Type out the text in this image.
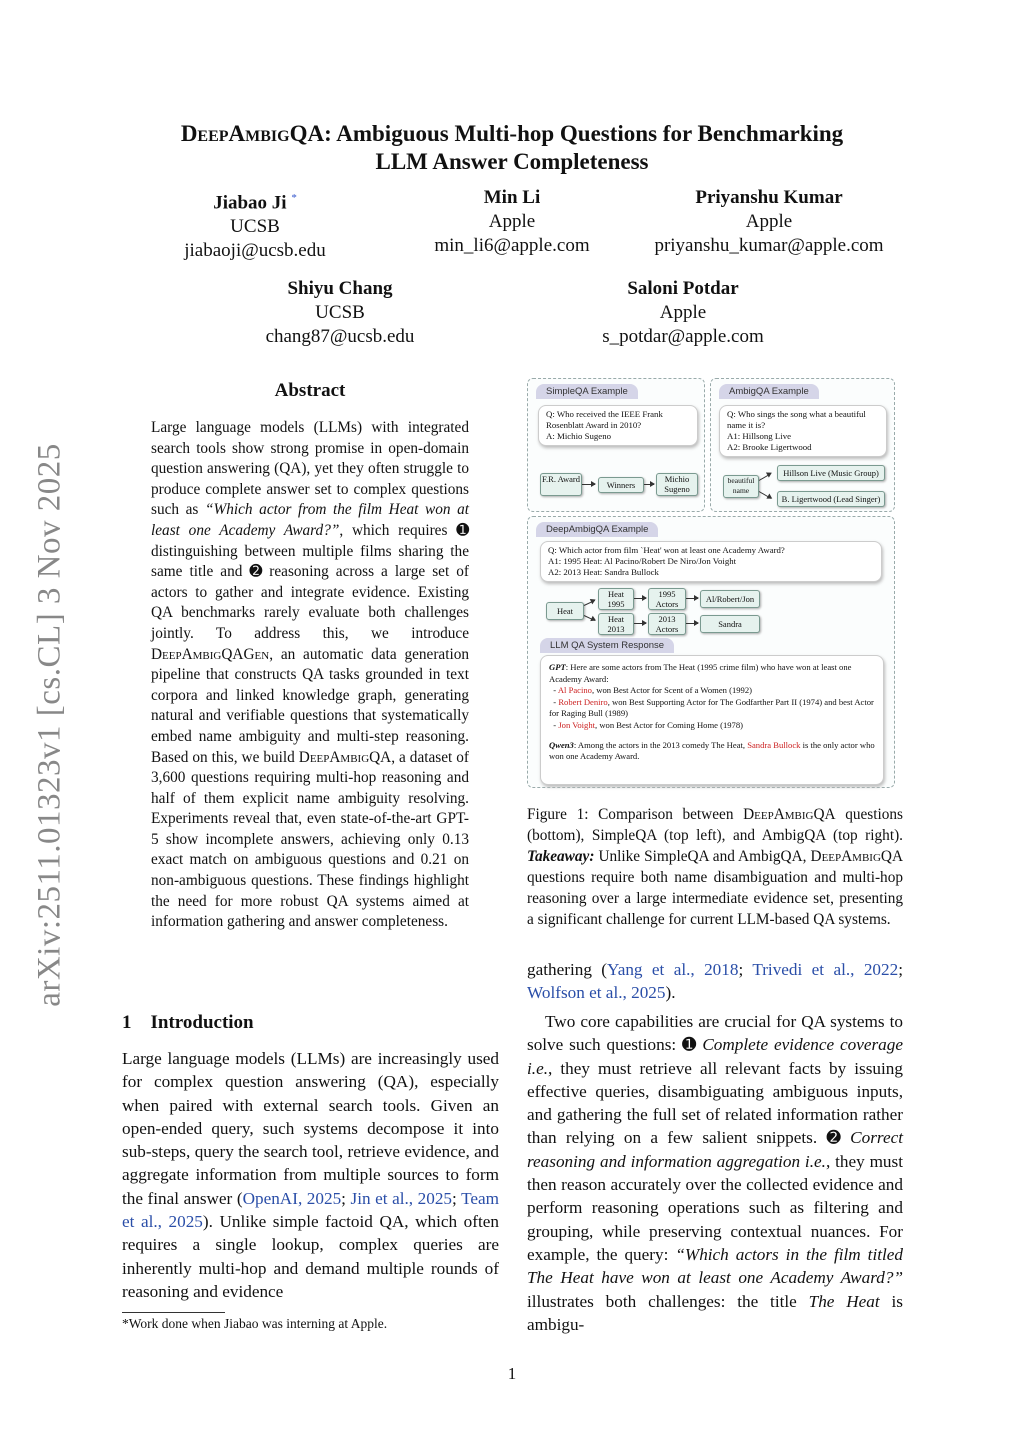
arXiv:2511.01323v1 [cs.CL] 3 Nov 2025
DeepAmbigQA: Ambiguous Multi-hop Questions for Benchmarking
LLM Answer Completeness
Jiabao Ji *
UCSB
jiabaoji@ucsb.edu
Min Li
Apple
min_li6@apple.com
Priyanshu Kumar
Apple
priyanshu_kumar@apple.com
Shiyu Chang
UCSB
chang87@ucsb.edu
Saloni Potdar
Apple
s_potdar@apple.com
Abstract
Large language models (LLMs) with integrated search tools show strong promise in open-domain question answering (QA), yet they often struggle to produce complete answer set to complex questions such as “Which actor from the film Heat won at least one Academy Award?”, which requires ➊ distinguishing between multiple films sharing the same title and ➋ reasoning across a large set of actors to gather and integrate evidence. Existing QA benchmarks rarely evaluate both challenges jointly. To address this, we introduce DeepAmbigQAGen, an automatic data generation pipeline that constructs QA tasks grounded in text corpora and linked knowledge graph, generating natural and verifiable questions that systematically embed name ambiguity and multi-step reasoning. Based on this, we build DeepAmbigQA, a dataset of 3,600 questions requiring multi-hop reasoning and half of them explicit name ambiguity resolving. Experiments reveal that, even state-of-the-art GPT-5 show incomplete answers, achieving only 0.13 exact match on ambiguous questions and 0.21 on non-ambiguous questions. These findings highlight the need for more robust QA systems aimed at information gathering and answer completeness.
1    Introduction
Large language models (LLMs) are increasingly used for complex question answering (QA), especially when paired with external search tools. Given an open-ended query, such systems decompose it into sub-steps, query the search tool, retrieve evidence, and aggregate information from multiple sources to form the final answer (OpenAI, 2025; Jin et al., 2025; Team et al., 2025). Unlike simple factoid QA, which often requires a single lookup, complex queries are inherently multi-hop and demand multiple rounds of reasoning and evidence
*Work done when Jiabao was interning at Apple.
SimpleQA Example
Q: Who received the IEEE Frank Rosenblatt Award in 2010?
A: Michio Sugeno
F.R. Award
Winners
Michio Sugeno
AmbigQA Example
Q: Who sings the song what a beautiful name it is?
A1: Hillsong Live
A2: Brooke Ligertwood
beautiful name
Hillson Live (Music Group)
B. Ligertwood (Lead Singer)
DeepAmbigQA Example
Q: Which actor from film `Heat' won at least one Academy Award?
A1: 1995 Heat: Al Pacino/Robert De Niro/Jon Voight
A2: 2013 Heat: Sandra Bullock
Heat
Heat 1995
Heat 2013
1995 Actors
2013 Actors
Al/Robert/Jon
Sandra
LLM QA System Response
GPT: Here are some actors from The Heat (1995 crime film) who have won at least one Academy Award:
- Al Pacino, won Best Actor for Scent of a Women (1992)
- Robert Deniro, won Best Supporting Actor for The Godfarther Part II (1974) and best Actor for Raging Bull (1989)
- Jon Voight, won Best Actor for Coming Home (1978)

Qwen3: Among the actors in the 2013 comedy The Heat, Sandra Bullock is the only actor who won one Academy Award.
Figure 1: Comparison between DeepAmbigQA questions (bottom), SimpleQA (top left), and AmbigQA (top right). Takeaway: Unlike SimpleQA and AmbigQA, DeepAmbigQA questions require both name disambiguation and multi-hop reasoning over a large intermediate evidence set, presenting a significant challenge for current LLM-based QA systems.
gathering (Yang et al., 2018; Trivedi et al., 2022; Wolfson et al., 2025).
Two core capabilities are crucial for QA systems to solve such questions: ➊ Complete evidence coverage i.e., they must retrieve all relevant facts by issuing effective queries, disambiguating ambiguous inputs, and gathering the full set of related information rather than relying on a few salient snippets. ➋ Correct reasoning and information aggregation i.e., they must then reason accurately over the collected evidence and perform reasoning operations such as filtering and grouping, while preserving contextual nuances. For example, the query: “Which actors in the film titled The Heat have won at least one Academy Award?” illustrates both challenges: the title The Heat is ambigu-
1
